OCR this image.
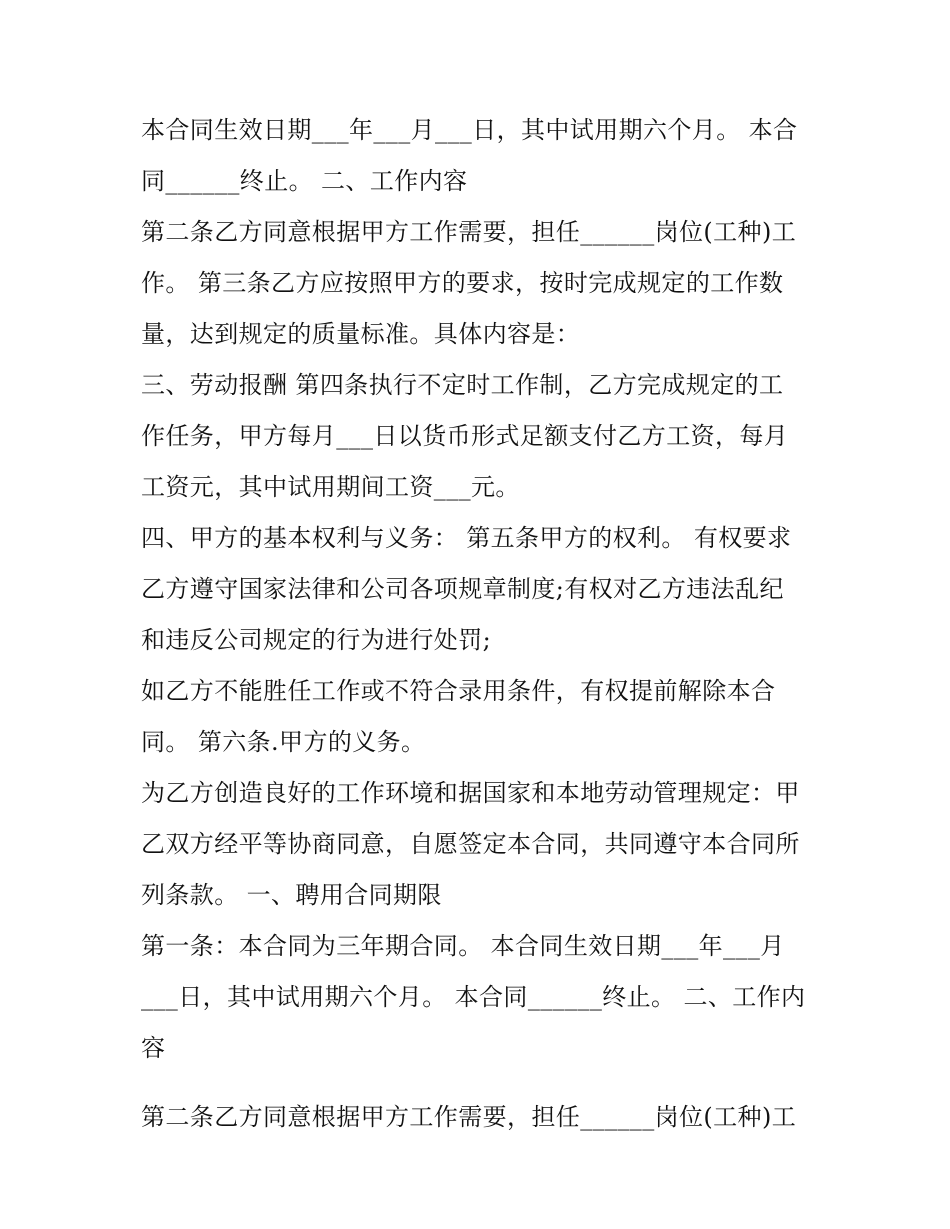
本合同生效日期___年___月___日，其中试用期六个月。 本合
同______终止。 二、工作内容
第二条乙方同意根据甲方工作需要，担任______岗位(工种)工
作。 第三条乙方应按照甲方的要求，按时完成规定的工作数
量，达到规定的质量标准。具体内容是：
三、劳动报酬 第四条执行不定时工作制，乙方完成规定的工
作任务，甲方每月___日以货币形式足额支付乙方工资，每月
工资元，其中试用期间工资___元。
四、甲方的基本权利与义务： 第五条甲方的权利。 有权要求
乙方遵守国家法律和公司各项规章制度;有权对乙方违法乱纪
和违反公司规定的行为进行处罚;
如乙方不能胜任工作或不符合录用条件，有权提前解除本合
同。 第六条.甲方的义务。
为乙方创造良好的工作环境和据国家和本地劳动管理规定：甲
乙双方经平等协商同意，自愿签定本合同，共同遵守本合同所
列条款。 一、聘用合同期限
第一条：本合同为三年期合同。 本合同生效日期___年___月
___日，其中试用期六个月。 本合同______终止。 二、工作内
容
第二条乙方同意根据甲方工作需要，担任______岗位(工种)工
